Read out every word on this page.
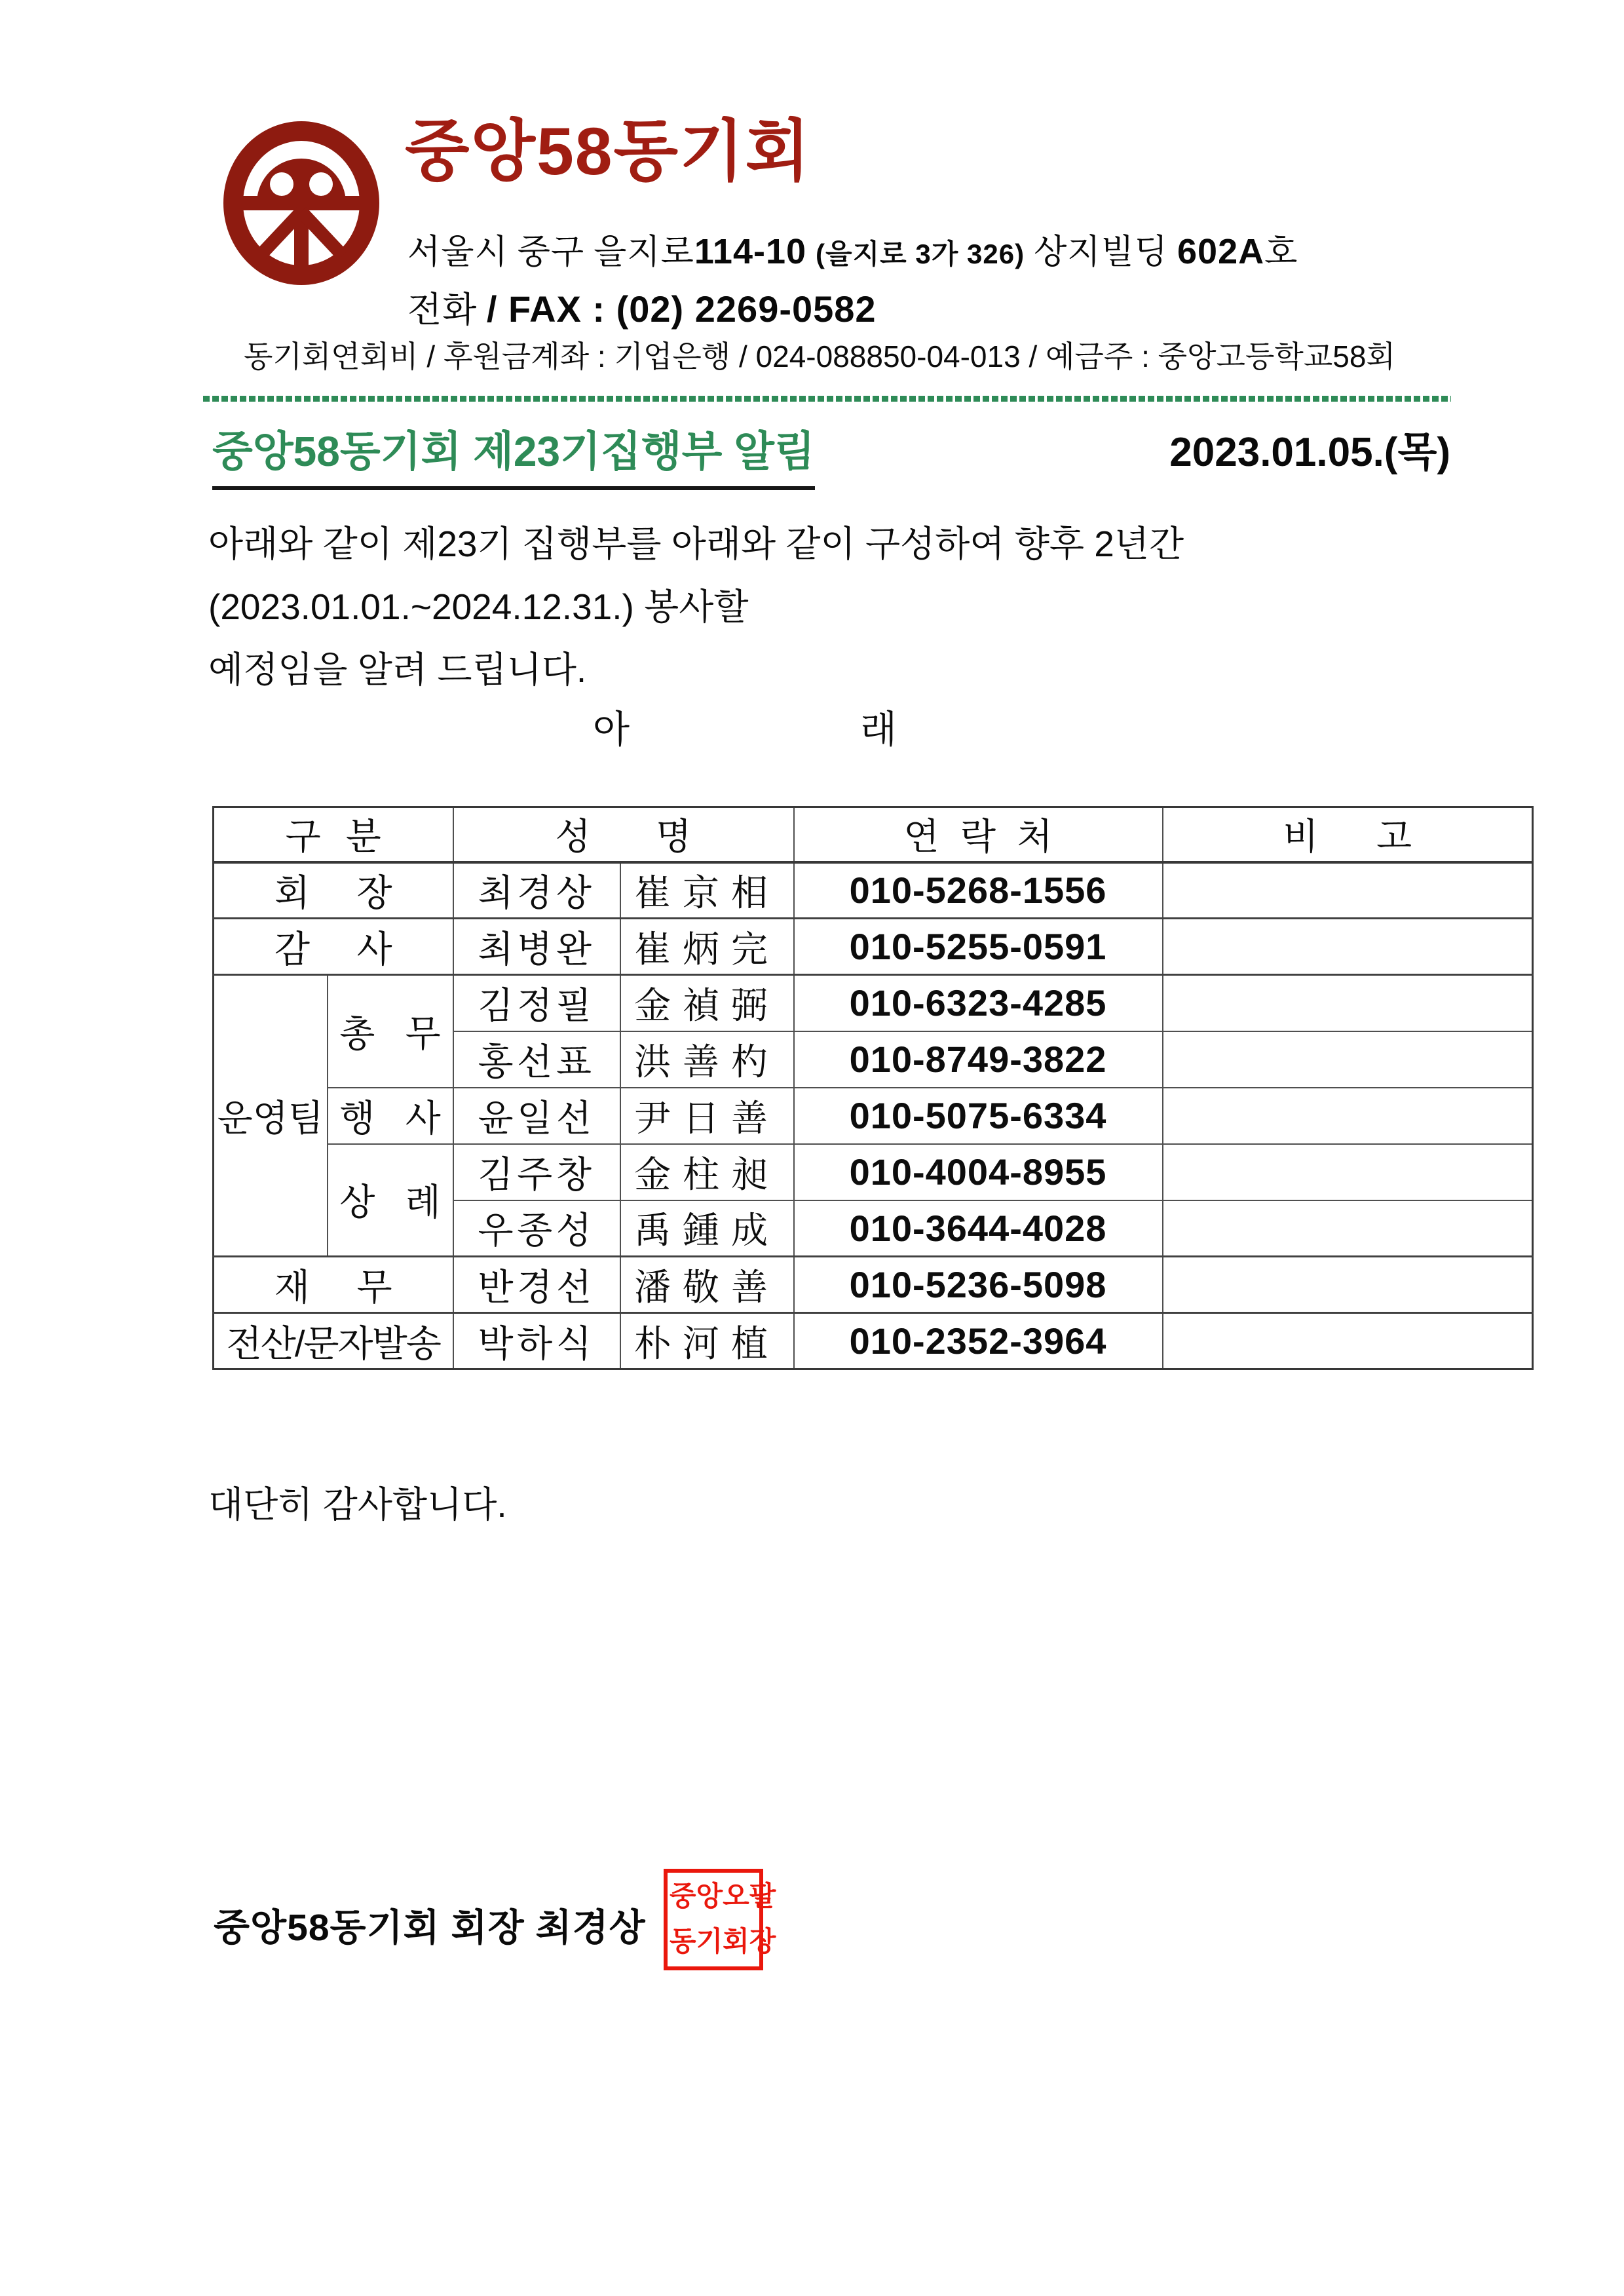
중앙58동기회
서울시 중구 을지로114-10 (을지로 3가 326) 상지빌딩 602A호
전화 / FAX : (02) 2269-0582
동기회연회비 / 후원금계좌 : 기업은행 / 024-088850-04-013 / 예금주 : 중앙고등학교58회
중앙58동기회 제23기집행부 알림	2023.01.05.(목)
아래와 같이 제23기 집행부를 아래와 같이 구성하여 향후 2년간 (2023.01.01.~2024.12.31.) 봉사할
예정임을 알려 드립니다.
아	래
구 분		성 명		연 락 처	비 고
회 장		최경상	崔京相	010-5268-1556	
감 사		최병완	崔炳完	010-5255-0591	
운영팀	총 무	김정필	金禎弼	010-6323-4285	
		홍선표	洪善杓	010-8749-3822	
	행 사	윤일선	尹日善	010-5075-6334	
	상 례	김주창	金柱昶	010-4004-8955	
		우종성	禹鍾成	010-3644-4028	
재 무		반경선	潘敬善	010-5236-5098	
전산/문자발송		박하식	朴河植	010-2352-3964	
대단히 감사합니다.
중앙58동기회 회장 최경상
중 앙 오 팔
동 기 회 장
